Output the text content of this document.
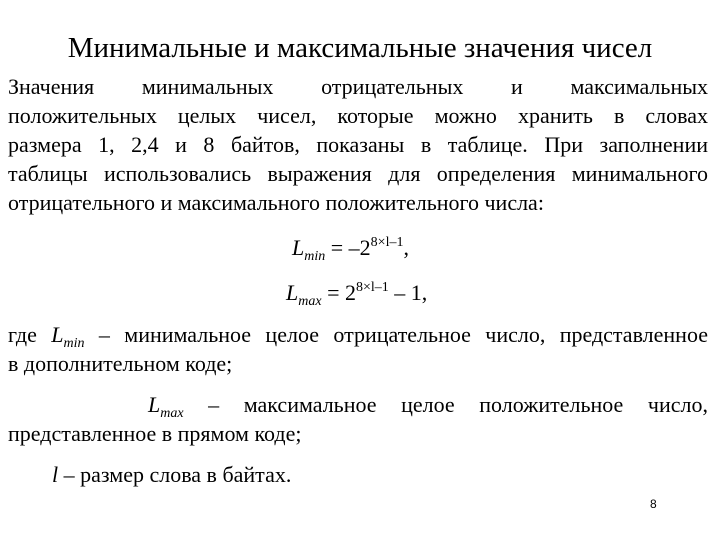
Минимальные и максимальные значения чисел
Значения минимальных отрицательных и максимальных
положительных целых чисел, которые можно хранить в словах
размера 1, 2,4 и 8 байтов, показаны в таблице. При заполнении
таблицы использовались выражения для определения минимального
отрицательного и максимального положительного числа:
$L_{min} = -2^{8\times l-1}$,
$L_{max} = 2^{8\times l-1} - 1$,
где $L_{min}$ – минимальное целое отрицательное число, представленное
в дополнительном коде;
$L_{max}$ – максимальное целое положительное число,
представленное в прямом коде;
l – размер слова в байтах.
8
